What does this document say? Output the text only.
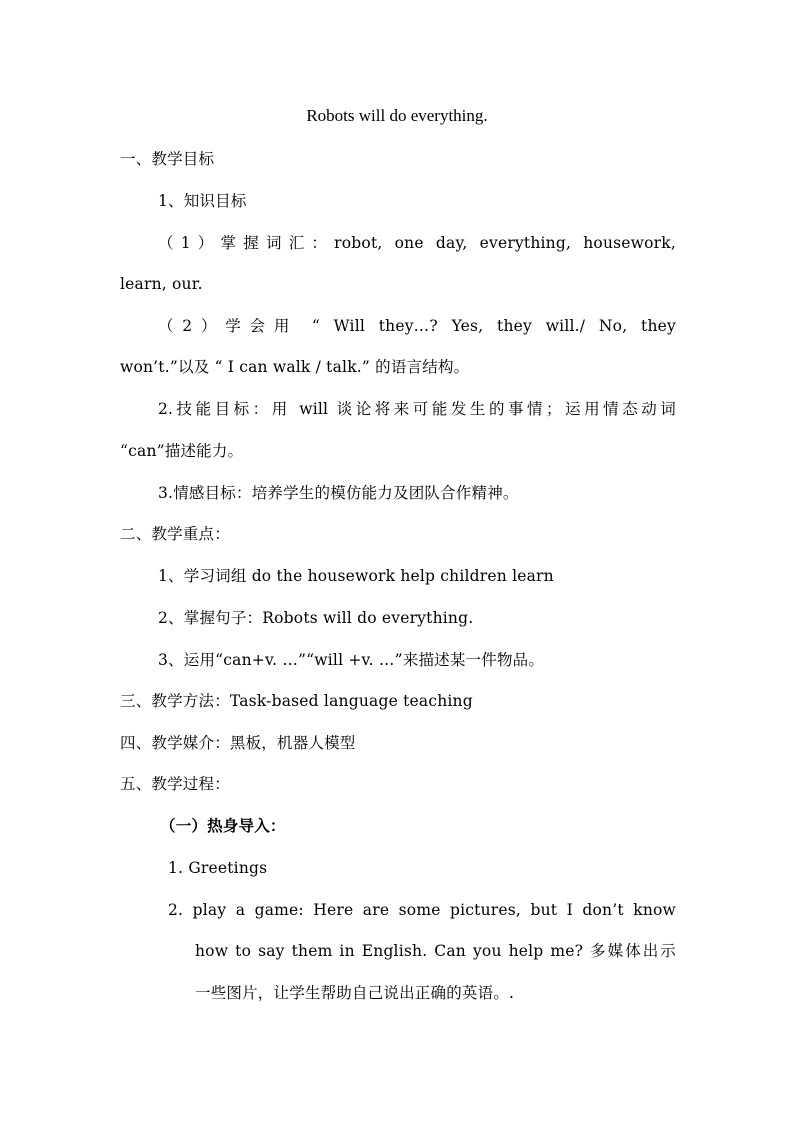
Robots will do everything.
一、教学目标
1、知识目标
（1）掌握词汇：robot, one day, everything, housework,
learn, our.
（2）学会用 “ Will they…? Yes, they will./ No, they
won’t.”以及 “ I can walk / talk.” 的语言结构。
2.技能目标：用 will 谈论将来可能发生的事情；运用情态动词
“can”描述能力。
3.情感目标：培养学生的模仿能力及团队合作精神。
二、教学重点：
1、学习词组 do the housework help children learn
2、掌握句子：Robots will do everything.
3、运用“can+v. …”“will +v. …”来描述某一件物品。
三、教学方法：Task-based language teaching
四、教学媒介：黑板，机器人模型
五、教学过程：
（一）热身导入：
1. Greetings
2. play a game: Here are some pictures, but I don’t know
how to say them in English. Can you help me? 多媒体出示
一些图片，让学生帮助自己说出正确的英语。.
